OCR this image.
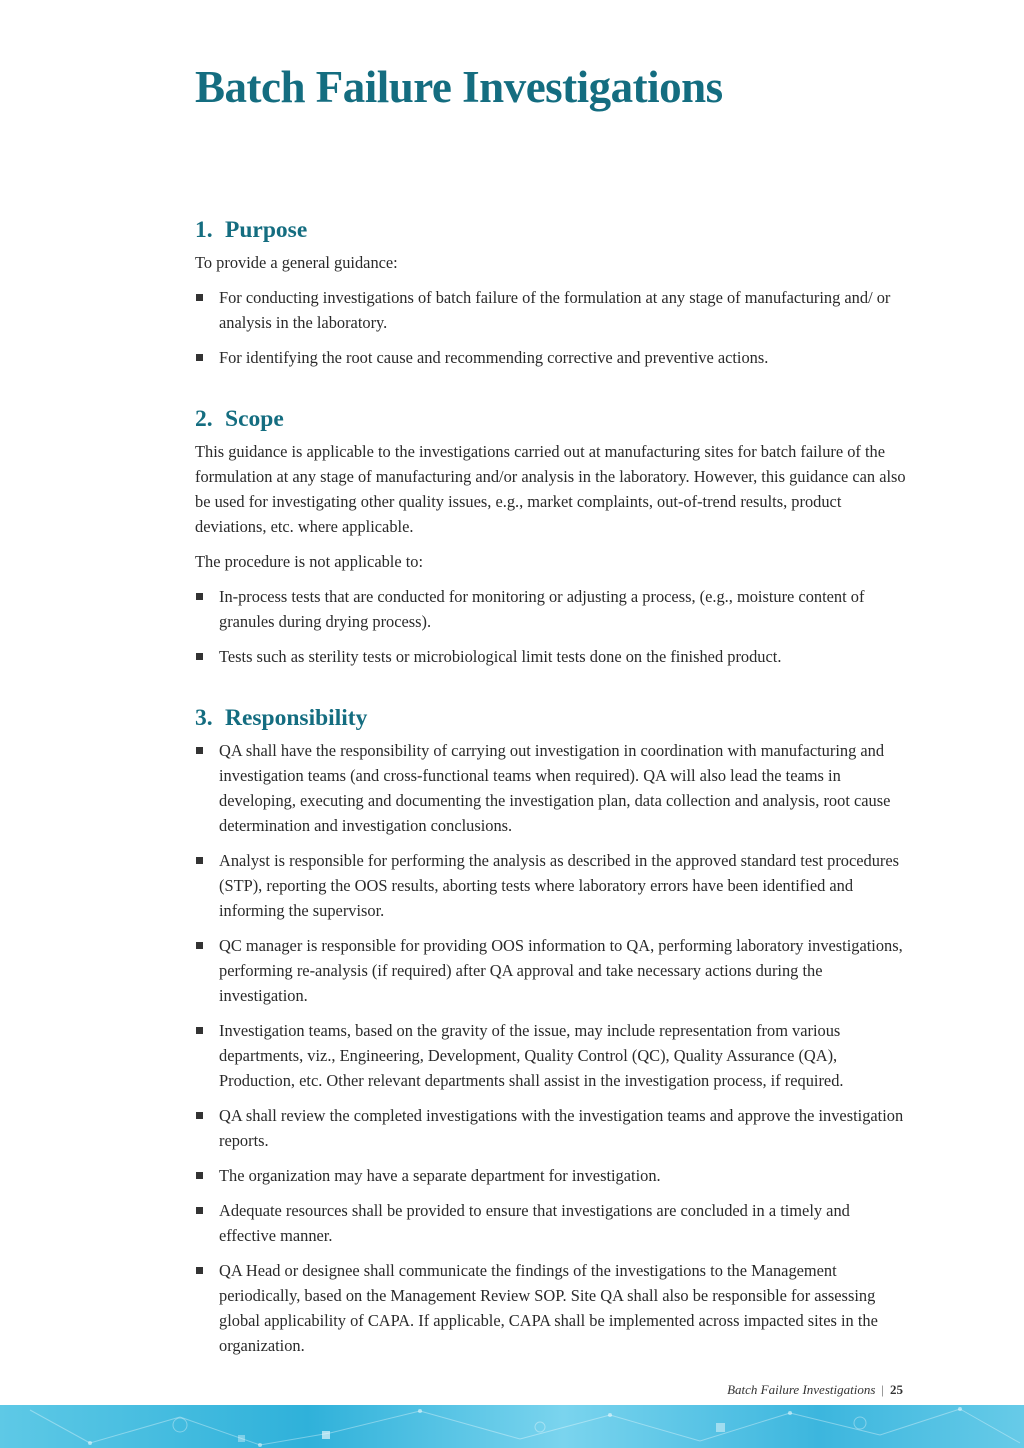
Batch Failure Investigations
1. Purpose

To provide a general guidance:

For conducting investigations of batch failure of the formulation at any stage of manufacturing and/ or analysis in the laboratory.
For identifying the root cause and recommending corrective and preventive actions.
2. Scope

This guidance is applicable to the investigations carried out at manufacturing sites for batch failure of the formulation at any stage of manufacturing and/or analysis in the laboratory. However, this guidance can also be used for investigating other quality issues, e.g., market complaints, out-of-trend results, product deviations, etc. where applicable.

The procedure is not applicable to:

In-process tests that are conducted for monitoring or adjusting a process, (e.g., moisture content of granules during drying process).
Tests such as sterility tests or microbiological limit tests done on the finished product.
3. Responsibility
QA shall have the responsibility of carrying out investigation in coordination with manufacturing and investigation teams (and cross-functional teams when required). QA will also lead the teams in developing, executing and documenting the investigation plan, data collection and analysis, root cause determination and investigation conclusions.
Analyst is responsible for performing the analysis as described in the approved standard test procedures (STP), reporting the OOS results, aborting tests where laboratory errors have been identified and informing the supervisor.
QC manager is responsible for providing OOS information to QA, performing laboratory investigations, performing re-analysis (if required) after QA approval and take necessary actions during the investigation.
Investigation teams, based on the gravity of the issue, may include representation from various departments, viz., Engineering, Development, Quality Control (QC), Quality Assurance (QA), Production, etc. Other relevant departments shall assist in the investigation process, if required.
QA shall review the completed investigations with the investigation teams and approve the investigation reports.
The organization may have a separate department for investigation.
Adequate resources shall be provided to ensure that investigations are concluded in a timely and effective manner.
QA Head or designee shall communicate the findings of the investigations to the Management periodically, based on the Management Review SOP. Site QA shall also be responsible for assessing global applicability of CAPA. If applicable, CAPA shall be implemented across impacted sites in the organization.
Batch Failure Investigations | 25
